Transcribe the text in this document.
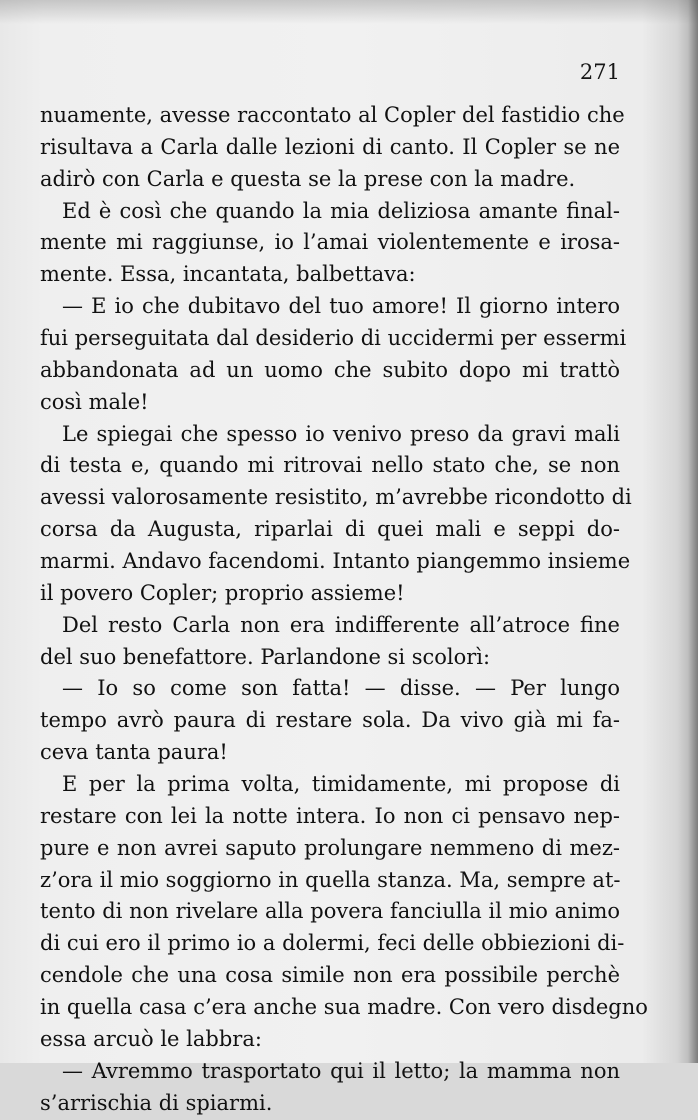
271
nuamente, avesse raccontato al Copler del fastidio che
risultava a Carla dalle lezioni di canto. Il Copler se ne
adirò con Carla e questa se la prese con la madre.
Ed è così che quando la mia deliziosa amante final-
mente mi raggiunse, io l’amai violentemente e irosa-
mente. Essa, incantata, balbettava:
— E io che dubitavo del tuo amore! Il giorno intero
fui perseguitata dal desiderio di uccidermi per essermi
abbandonata ad un uomo che subito dopo mi trattò
così male!
Le spiegai che spesso io venivo preso da gravi mali
di testa e, quando mi ritrovai nello stato che, se non
avessi valorosamente resistito, m’avrebbe ricondotto di
corsa da Augusta, riparlai di quei mali e seppi do-
marmi. Andavo facendomi. Intanto piangemmo insieme
il povero Copler; proprio assieme!
Del resto Carla non era indifferente all’atroce fine
del suo benefattore. Parlandone si scolorì:
— Io so come son fatta! — disse. — Per lungo
tempo avrò paura di restare sola. Da vivo già mi fa-
ceva tanta paura!
E per la prima volta, timidamente, mi propose di
restare con lei la notte intera. Io non ci pensavo nep-
pure e non avrei saputo prolungare nemmeno di mez-
z’ora il mio soggiorno in quella stanza. Ma, sempre at-
tento di non rivelare alla povera fanciulla il mio animo
di cui ero il primo io a dolermi, feci delle obbiezioni di-
cendole che una cosa simile non era possibile perchè
in quella casa c’era anche sua madre. Con vero disdegno
essa arcuò le labbra:
— Avremmo trasportato qui il letto; la mamma non
s’arrischia di spiarmi.
